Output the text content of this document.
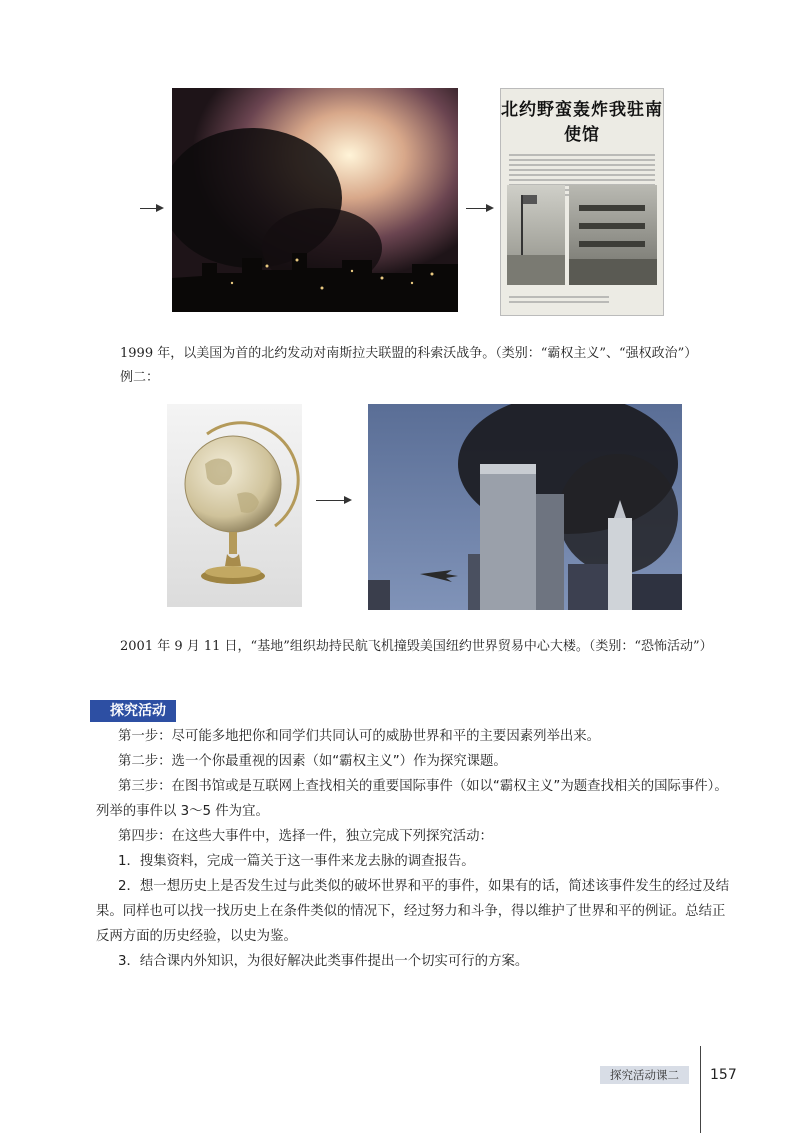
北约野蛮轰炸我驻南使馆
1999 年，以美国为首的北约发动对南斯拉夫联盟的科索沃战争。（类别：“霸权主义”、“强权政治”）
例二：
2001 年 9 月 11 日，“基地”组织劫持民航飞机撞毁美国纽约世界贸易中心大楼。（类别：“恐怖活动”）
探究活动
第一步：尽可能多地把你和同学们共同认可的威胁世界和平的主要因素列举出来。
第二步：选一个你最重视的因素（如“霸权主义”）作为探究课题。
第三步：在图书馆或是互联网上查找相关的重要国际事件（如以“霸权主义”为题查找相关的国际事件）。列举的事件以 3～5 件为宜。
第四步：在这些大事件中，选择一件，独立完成下列探究活动：
1．搜集资料，完成一篇关于这一事件来龙去脉的调查报告。
2．想一想历史上是否发生过与此类似的破坏世界和平的事件，如果有的话，简述该事件发生的经过及结果。同样也可以找一找历史上在条件类似的情况下，经过努力和斗争，得以维护了世界和平的例证。总结正反两方面的历史经验，以史为鉴。
3．结合课内外知识，为很好解决此类事件提出一个切实可行的方案。
探究活动课二	157
